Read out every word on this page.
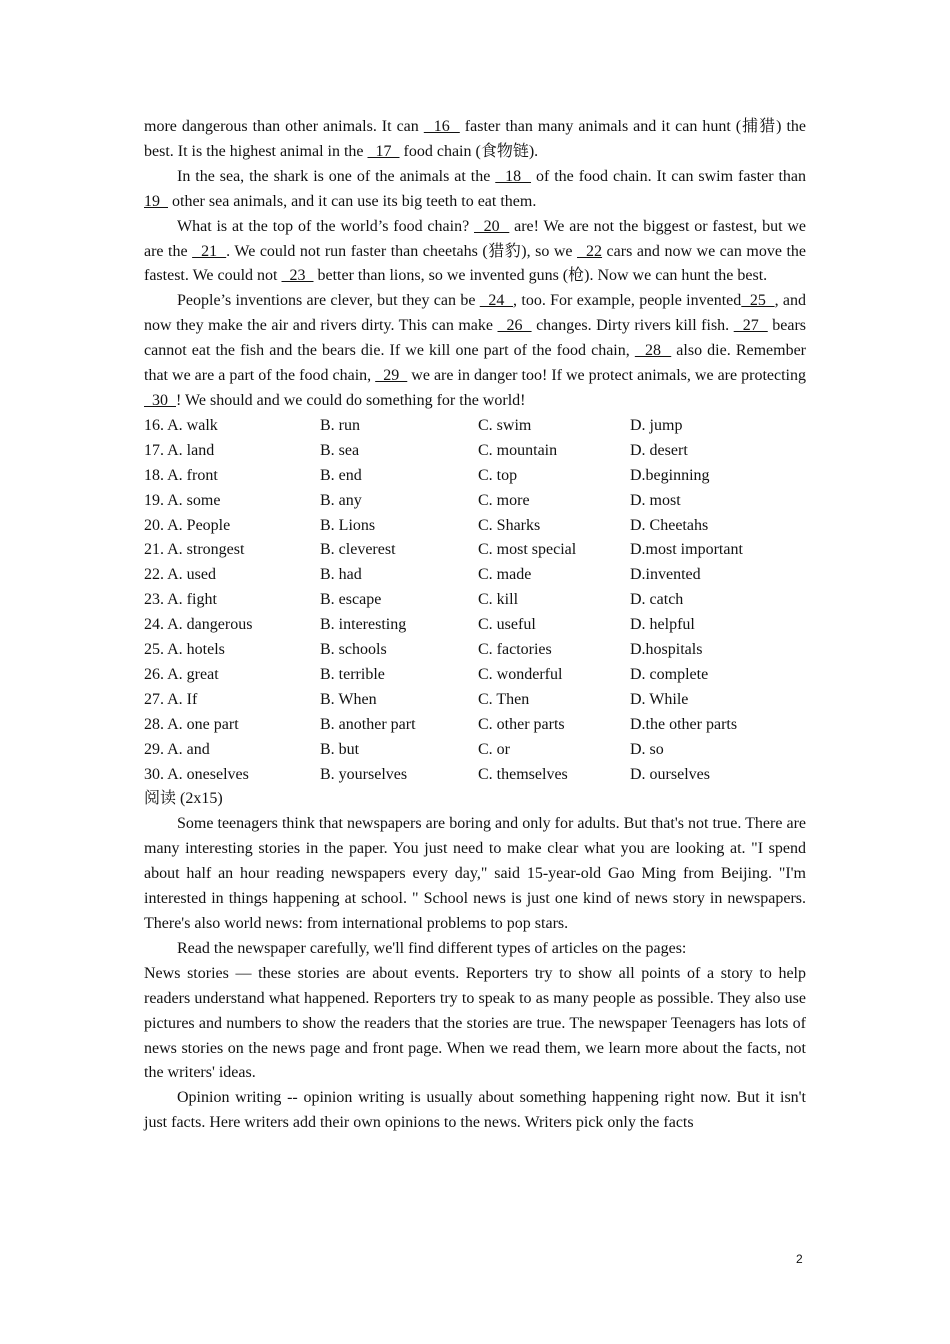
more dangerous than other animals. It can   16   faster than many animals and it can hunt (捕猎) the best. It is the highest animal in the   17   food chain (食物链).

In the sea, the shark is one of the animals at the   18   of the food chain. It can swim faster than 19   other sea animals, and it can use its big teeth to eat them.

What is at the top of the world’s food chain?   20   are! We are not the biggest or fastest, but we are the   21  . We could not run faster than cheetahs (猎豹), so we   22 cars and now we can move the fastest. We could not   23   better than lions, so we invented guns (枪). Now we can hunt the best.

People’s inventions are clever, but they can be   24  , too. For example, people invented  25  , and now they make the air and rivers dirty. This can make   26   changes. Dirty rivers kill fish.   27   bears cannot eat the fish and the bears die. If we kill one part of the food chain,   28   also die. Remember that we are a part of the food chain,   29   we are in danger too! If we protect animals, we are protecting   30  ! We should and we could do something for the world!

16. A. walk	B. run	C. swim	D. jump
17. A. land	B. sea	C. mountain	D. desert
18. A. front	B. end	C. top	D.beginning
19. A. some	B. any	C. more	D. most
20. A. People	B. Lions	C. Sharks	D. Cheetahs
21. A. strongest	B. cleverest	C. most special	D.most important
22. A. used	B. had	C. made	D.invented
23. A. fight	B. escape	C. kill	D. catch
24. A. dangerous	B. interesting	C. useful	D. helpful
25. A. hotels	B. schools	C. factories	D.hospitals
26. A. great	B. terrible	C. wonderful	D. complete
27. A. If	B. When	C. Then	D. While
28. A. one part	B. another part	C. other parts	D.the other parts
29. A. and	B. but	C. or	D. so
30. A. oneselves	B. yourselves	C. themselves	D. ourselves
阅读 (2x15)

Some teenagers think that newspapers are boring and only for adults. But that's not true. There are many interesting stories in the paper. You just need to make clear what you are looking at. "I spend about half an hour reading newspapers every day," said 15-year-old Gao Ming from Beijing. "I'm interested in things happening at school. " School news is just one kind of news story in newspapers. There's also world news: from international problems to pop stars.

Read the newspaper carefully, we'll find different types of articles on the pages:

News stories — these stories are about events. Reporters try to show all points of a story to help readers understand what happened. Reporters try to speak to as many people as possible. They also use pictures and numbers to show the readers that the stories are true. The newspaper Teenagers has lots of news stories on the news page and front page. When we read them, we learn more about the facts, not the writers' ideas.

Opinion writing -- opinion writing is usually about something happening right now. But it isn't just facts. Here writers add their own opinions to the news. Writers pick only the facts

2
